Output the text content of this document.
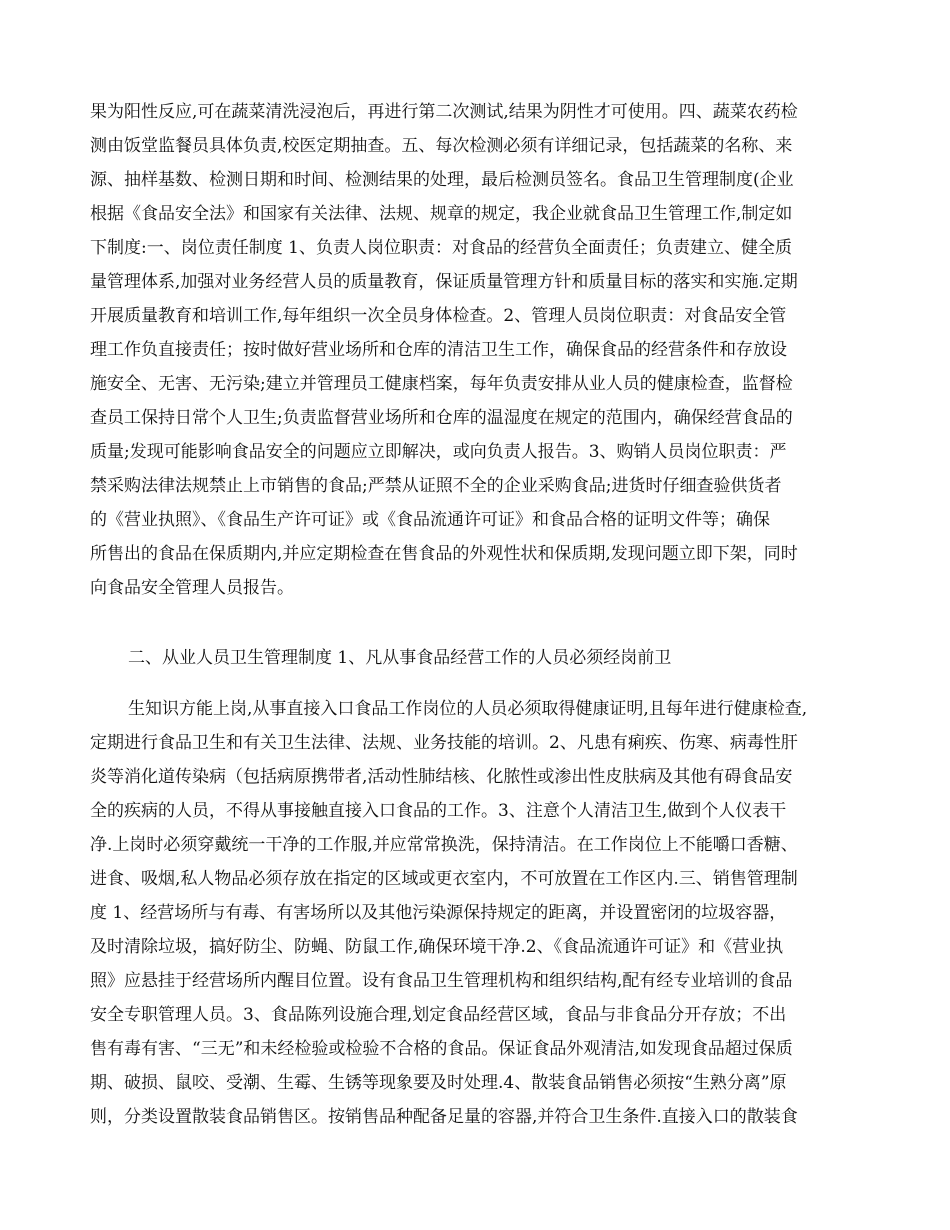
果为阳性反应,可在蔬菜清洗浸泡后，再进行第二次测试,结果为阴性才可使用。四、蔬菜农药检
测由饭堂监餐员具体负责,校医定期抽查。五、每次检测必须有详细记录，包括蔬菜的名称、来
源、抽样基数、检测日期和时间、检测结果的处理，最后检测员签名。食品卫生管理制度(企业
根据《食品安全法》和国家有关法律、法规、规章的规定，我企业就食品卫生管理工作,制定如
下制度:一、岗位责任制度 1、负责人岗位职责：对食品的经营负全面责任；负责建立、健全质
量管理体系,加强对业务经营人员的质量教育，保证质量管理方针和质量目标的落实和实施.定期
开展质量教育和培训工作,每年组织一次全员身体检查。2、管理人员岗位职责：对食品安全管
理工作负直接责任；按时做好营业场所和仓库的清洁卫生工作，确保食品的经营条件和存放设
施安全、无害、无污染;建立并管理员工健康档案，每年负责安排从业人员的健康检查，监督检
查员工保持日常个人卫生;负责监督营业场所和仓库的温湿度在规定的范围内，确保经营食品的
质量;发现可能影响食品安全的问题应立即解决，或向负责人报告。3、购销人员岗位职责：严
禁采购法律法规禁止上市销售的食品;严禁从证照不全的企业采购食品;进货时仔细查验供货者
的《营业执照》、《食品生产许可证》或《食品流通许可证》和食品合格的证明文件等；确保
所售出的食品在保质期内,并应定期检查在售食品的外观性状和保质期,发现问题立即下架，同时
向食品安全管理人员报告。
二、从业人员卫生管理制度 1、凡从事食品经营工作的人员必须经岗前卫
生知识方能上岗,从事直接入口食品工作岗位的人员必须取得健康证明,且每年进行健康检查,
定期进行食品卫生和有关卫生法律、法规、业务技能的培训。2、凡患有痢疾、伤寒、病毒性肝
炎等消化道传染病（包括病原携带者,活动性肺结核、化脓性或渗出性皮肤病及其他有碍食品安
全的疾病的人员，不得从事接触直接入口食品的工作。3、注意个人清洁卫生,做到个人仪表干
净.上岗时必须穿戴统一干净的工作服,并应常常换洗，保持清洁。在工作岗位上不能嚼口香糖、
进食、吸烟,私人物品必须存放在指定的区域或更衣室内，不可放置在工作区内.三、销售管理制
度 1、经营场所与有毒、有害场所以及其他污染源保持规定的距离，并设置密闭的垃圾容器，
及时清除垃圾，搞好防尘、防蝇、防鼠工作,确保环境干净.2、《食品流通许可证》和《营业执
照》应悬挂于经营场所内醒目位置。设有食品卫生管理机构和组织结构,配有经专业培训的食品
安全专职管理人员。3、食品陈列设施合理,划定食品经营区域，食品与非食品分开存放；不出
售有毒有害、“三无”和未经检验或检验不合格的食品。保证食品外观清洁,如发现食品超过保质
期、破损、鼠咬、受潮、生霉、生锈等现象要及时处理.4、散装食品销售必须按“生熟分离”原
则，分类设置散装食品销售区。按销售品种配备足量的容器,并符合卫生条件.直接入口的散装食
